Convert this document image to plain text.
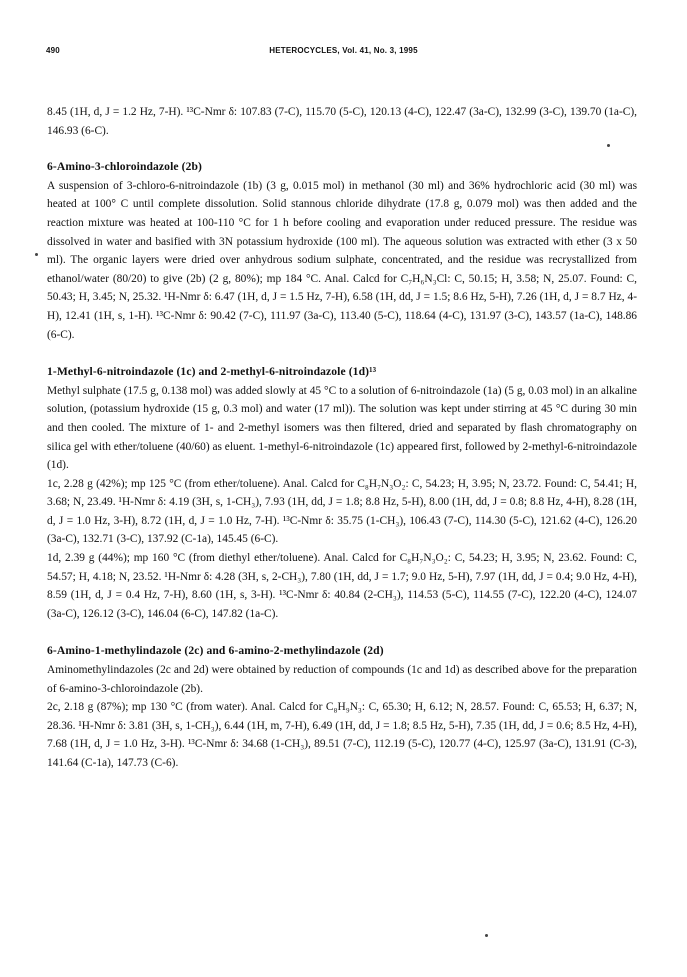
490	HETEROCYCLES, Vol. 41, No. 3, 1995

8.45 (1H, d, J = 1.2 Hz, 7-H). ¹³C-Nmr δ: 107.83 (7-C), 115.70 (5-C), 120.13 (4-C), 122.47 (3a-C), 132.99 (3-C), 139.70 (1a-C), 146.93 (6-C).

6-Amino-3-chloroindazole (2b)

A suspension of 3-chloro-6-nitroindazole (1b) (3 g, 0.015 mol) in methanol (30 ml) and 36% hydrochloric acid (30 ml) was heated at 100° C until complete dissolution. Solid stannous chloride dihydrate (17.8 g, 0.079 mol) was then added and the reaction mixture was heated at 100-110 °C for 1 h before cooling and evaporation under reduced pressure. The residue was dissolved in water and basified with 3N potassium hydroxide (100 ml). The aqueous solution was extracted with ether (3 x 50 ml). The organic layers were dried over anhydrous sodium sulphate, concentrated, and the residue was recrystallized from ethanol/water (80/20) to give (2b) (2 g, 80%); mp 184 °C. Anal. Calcd for C₇H₆N₃Cl: C, 50.15; H, 3.58; N, 25.07. Found: C, 50.43; H, 3.45; N, 25.32. ¹H-Nmr δ: 6.47 (1H, d, J = 1.5 Hz, 7-H), 6.58 (1H, dd, J = 1.5; 8.6 Hz, 5-H), 7.26 (1H, d, J = 8.7 Hz, 4-H), 12.41 (1H, s, 1-H). ¹³C-Nmr δ: 90.42 (7-C), 111.97 (3a-C), 113.40 (5-C), 118.64 (4-C), 131.97 (3-C), 143.57 (1a-C), 148.86 (6-C).

1-Methyl-6-nitroindazole (1c) and 2-methyl-6-nitroindazole (1d)¹³

Methyl sulphate (17.5 g, 0.138 mol) was added slowly at 45 °C to a solution of 6-nitroindazole (1a) (5 g, 0.03 mol) in an alkaline solution, (potassium hydroxide (15 g, 0.3 mol) and water (17 ml)). The solution was kept under stirring at 45 °C during 30 min and then cooled. The mixture of 1- and 2-methyl isomers was then filtered, dried and separated by flash chromatography on silica gel with ether/toluene (40/60) as eluent. 1-methyl-6-nitroindazole (1c) appeared first, followed by 2-methyl-6-nitroindazole (1d).

1c, 2.28 g (42%); mp 125 °C (from ether/toluene). Anal. Calcd for C₈H₇N₃O₂: C, 54.23; H, 3.95; N, 23.72. Found: C, 54.41; H, 3.68; N, 23.49. ¹H-Nmr δ: 4.19 (3H, s, 1-CH₃), 7.93 (1H, dd, J = 1.8; 8.8 Hz, 5-H), 8.00 (1H, dd, J = 0.8; 8.8 Hz, 4-H), 8.28 (1H, d, J = 1.0 Hz, 3-H), 8.72 (1H, d, J = 1.0 Hz, 7-H). ¹³C-Nmr δ: 35.75 (1-CH₃), 106.43 (7-C), 114.30 (5-C), 121.62 (4-C), 126.20 (3a-C), 132.71 (3-C), 137.92 (C-1a), 145.45 (6-C).

1d, 2.39 g (44%); mp 160 °C (from diethyl ether/toluene). Anal. Calcd for C₈H₇N₃O₂: C, 54.23; H, 3.95; N, 23.62. Found: C, 54.57; H, 4.18; N, 23.52. ¹H-Nmr δ: 4.28 (3H, s, 2-CH₃), 7.80 (1H, dd, J = 1.7; 9.0 Hz, 5-H), 7.97 (1H, dd, J = 0.4; 9.0 Hz, 4-H), 8.59 (1H, d, J = 0.4 Hz, 7-H), 8.60 (1H, s, 3-H). ¹³C-Nmr δ: 40.84 (2-CH₃), 114.53 (5-C), 114.55 (7-C), 122.20 (4-C), 124.07 (3a-C), 126.12 (3-C), 146.04 (6-C), 147.82 (1a-C).

6-Amino-1-methylindazole (2c) and 6-amino-2-methylindazole (2d)

Aminomethylindazoles (2c and 2d) were obtained by reduction of compounds (1c and 1d) as described above for the preparation of 6-amino-3-chloroindazole (2b).

2c, 2.18 g (87%); mp 130 °C (from water). Anal. Calcd for C₈H₉N₃: C, 65.30; H, 6.12; N, 28.57. Found: C, 65.53; H, 6.37; N, 28.36. ¹H-Nmr δ: 3.81 (3H, s, 1-CH₃), 6.44 (1H, m, 7-H), 6.49 (1H, dd, J = 1.8; 8.5 Hz, 5-H), 7.35 (1H, dd, J = 0.6; 8.5 Hz, 4-H), 7.68 (1H, d, J = 1.0 Hz, 3-H). ¹³C-Nmr δ: 34.68 (1-CH₃), 89.51 (7-C), 112.19 (5-C), 120.77 (4-C), 125.97 (3a-C), 131.91 (C-3), 141.64 (C-1a), 147.73 (C-6).
